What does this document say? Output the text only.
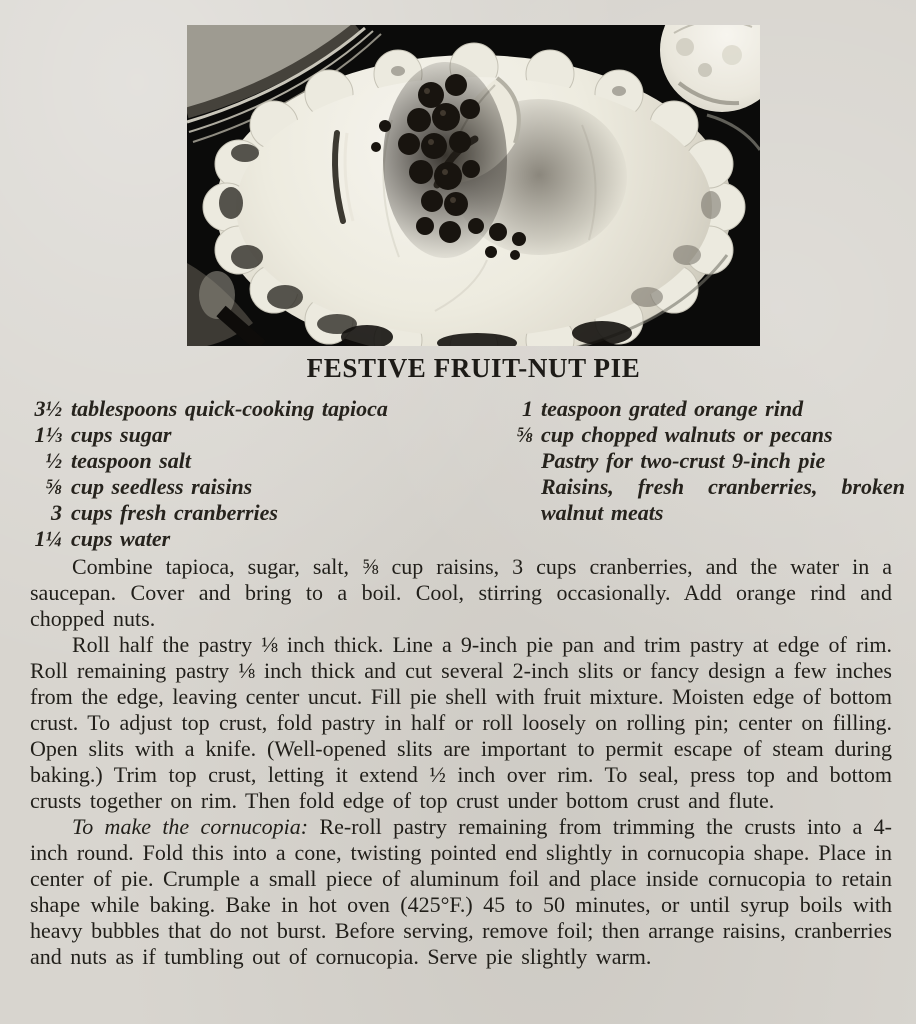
FESTIVE FRUIT-NUT PIE
3½ tablespoons quick-cooking tapioca
1⅓ cups sugar
½ teaspoon salt
⅝ cup seedless raisins
3 cups fresh cranberries
1¼ cups water
1 teaspoon grated orange rind
⅝ cup chopped walnuts or pecans
Pastry for two-crust 9-inch pie
Raisins, fresh cranberries, broken walnut meats

Combine tapioca, sugar, salt, ⅝ cup raisins, 3 cups cranberries, and the water in a saucepan. Cover and bring to a boil. Cool, stirring occasionally. Add orange rind and chopped nuts.

Roll half the pastry ⅛ inch thick. Line a 9-inch pie pan and trim pastry at edge of rim. Roll remaining pastry ⅛ inch thick and cut several 2-inch slits or fancy design a few inches from the edge, leaving center uncut. Fill pie shell with fruit mixture. Moisten edge of bottom crust. To adjust top crust, fold pastry in half or roll loosely on rolling pin; center on filling. Open slits with a knife. (Well-opened slits are important to permit escape of steam during baking.) Trim top crust, letting it extend ½ inch over rim. To seal, press top and bottom crusts together on rim. Then fold edge of top crust under bottom crust and flute.

To make the cornucopia: Re-roll pastry remaining from trimming the crusts into a 4-inch round. Fold this into a cone, twisting pointed end slightly in cornucopia shape. Place in center of pie. Crumple a small piece of aluminum foil and place inside cornucopia to retain shape while baking. Bake in hot oven (425°F.) 45 to 50 minutes, or until syrup boils with heavy bubbles that do not burst. Before serving, remove foil; then arrange raisins, cranberries and nuts as if tumbling out of cornucopia. Serve pie slightly warm.
